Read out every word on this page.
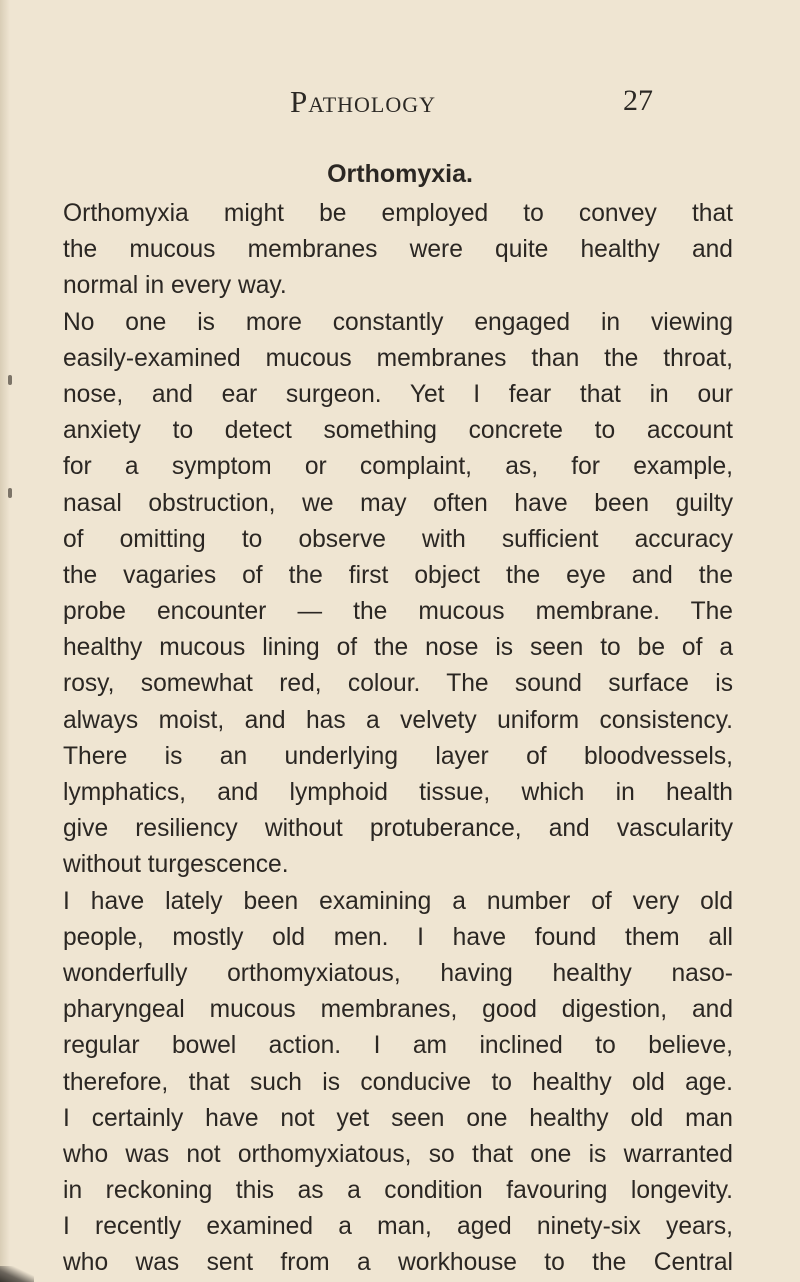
Pathology	27
Orthomyxia.
Orthomyxia might be employed to convey that
the mucous membranes were quite healthy and
normal in every way.
No one is more constantly engaged in viewing
easily-examined mucous membranes than the throat,
nose, and ear surgeon. Yet I fear that in our
anxiety to detect something concrete to account
for a symptom or complaint, as, for example,
nasal obstruction, we may often have been guilty
of omitting to observe with sufficient accuracy
the vagaries of the first object the eye and the
probe encounter — the mucous membrane. The
healthy mucous lining of the nose is seen to be of a
rosy, somewhat red, colour. The sound surface is
always moist, and has a velvety uniform consistency.
There is an underlying layer of bloodvessels,
lymphatics, and lymphoid tissue, which in health
give resiliency without protuberance, and vascularity
without turgescence.
I have lately been examining a number of very old
people, mostly old men. I have found them all
wonderfully orthomyxiatous, having healthy naso-
pharyngeal mucous membranes, good digestion, and
regular bowel action. I am inclined to believe,
therefore, that such is conducive to healthy old age.
I certainly have not yet seen one healthy old man
who was not orthomyxiatous, so that one is warranted
in reckoning this as a condition favouring longevity.
I recently examined a man, aged ninety-six years,
who was sent from a workhouse to the Central
